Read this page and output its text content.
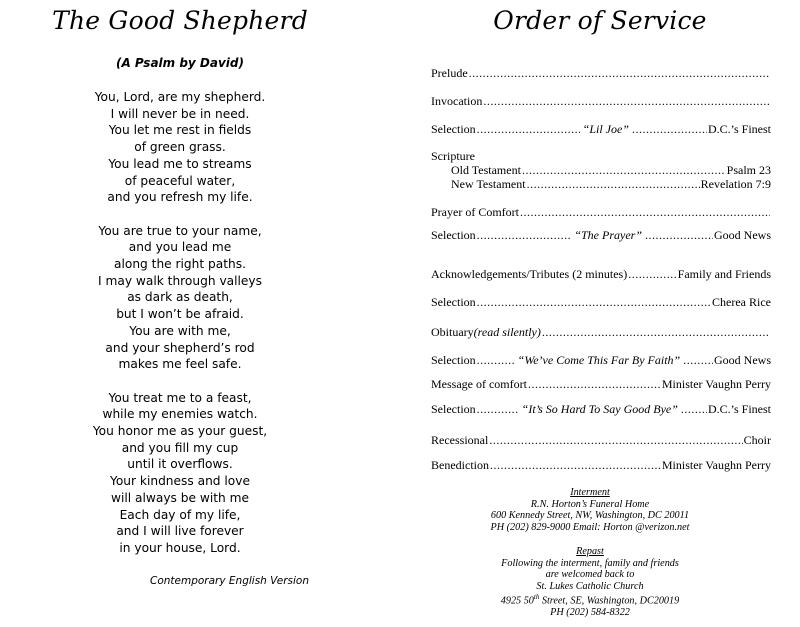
The Good Shepherd
(A Psalm by David)
You, Lord, are my shepherd.
I will never be in need.
You let me rest in fields
of green grass.
You lead me to streams
of peaceful water,
and you refresh my life.
You are true to your name,
and you lead me
along the right paths.
I may walk through valleys
as dark as death,
but I won’t be afraid.
You are with me,
and your shepherd’s rod
makes me feel safe.
You treat me to a feast,
while my enemies watch.
You honor me as your guest,
and you fill my cup
until it overflows.
Your kindness and love
will always be with me
Each day of my life,
and I will live forever
in your house, Lord.
Contemporary English Version
Order of Service
Prelude
.....
Invocation
.....
Selection .....	“Lil Joe” .....	D.C.’s Finest
Scripture
Old Testament .....	Psalm 23
New Testament .....	Revelation 7:9
Prayer of Comfort
.....
Selection .....	“The Prayer” .....	Good News
Acknowledgements/Tributes (2 minutes) .....	Family and Friends
Selection .....	Cherea Rice
Obituary (read silently)
.....
Selection .....	“We’ve Come This Far By Faith” .....	Good News
Message of comfort .....	Minister Vaughn Perry
Selection .....	“It’s So Hard To Say Good Bye” .....	D.C.’s Finest
Recessional .....	Choir
Benediction .....	Minister Vaughn Perry
Interment
R.N. Horton’s Funeral Home
600 Kennedy Street, NW, Washington, DC 20011
PH (202) 829-9000 Email: Horton @verizon.net
Repast
Following the interment, family and friends
are welcomed back to
St. Lukes Catholic Church
4925 50th Street, SE, Washington, DC20019
PH (202) 584-8322
